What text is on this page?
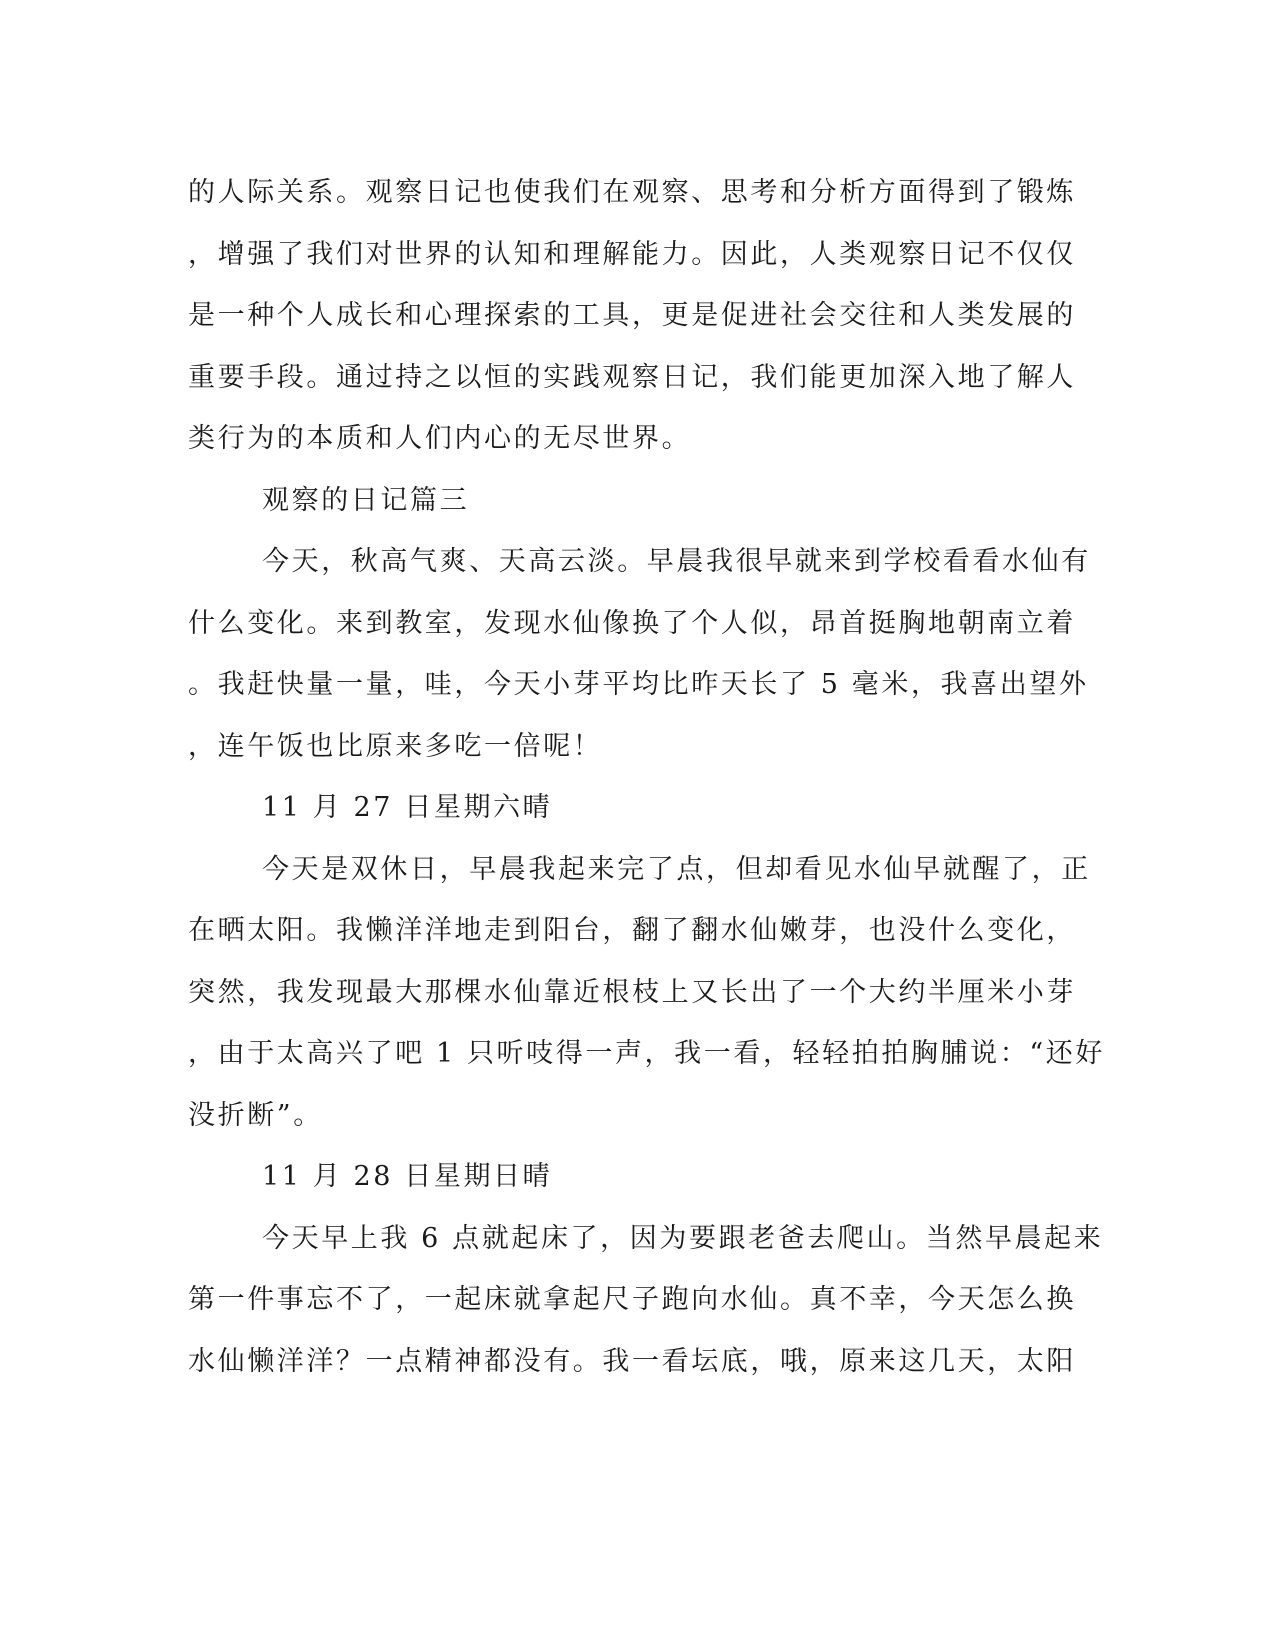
的人际关系。观察日记也使我们在观察、思考和分析方面得到了锻炼
，增强了我们对世界的认知和理解能力。因此，人类观察日记不仅仅
是一种个人成长和心理探索的工具，更是促进社会交往和人类发展的
重要手段。通过持之以恒的实践观察日记，我们能更加深入地了解人
类行为的本质和人们内心的无尽世界。
观察的日记篇三
今天，秋高气爽、天高云淡。早晨我很早就来到学校看看水仙有
什么变化。来到教室，发现水仙像换了个人似，昂首挺胸地朝南立着
。我赶快量一量，哇，今天小芽平均比昨天长了 5 毫米，我喜出望外
，连午饭也比原来多吃一倍呢！
11 月 27 日星期六晴
今天是双休日，早晨我起来完了点，但却看见水仙早就醒了，正
在晒太阳。我懒洋洋地走到阳台，翻了翻水仙嫩芽，也没什么变化，
突然，我发现最大那棵水仙靠近根枝上又长出了一个大约半厘米小芽
，由于太高兴了吧 1 只听吱得一声，我一看，轻轻拍拍胸脯说：“还好
没折断”。
11 月 28 日星期日晴
今天早上我 6 点就起床了，因为要跟老爸去爬山。当然早晨起来
第一件事忘不了，一起床就拿起尺子跑向水仙。真不幸，今天怎么换
水仙懒洋洋？一点精神都没有。我一看坛底，哦，原来这几天，太阳
